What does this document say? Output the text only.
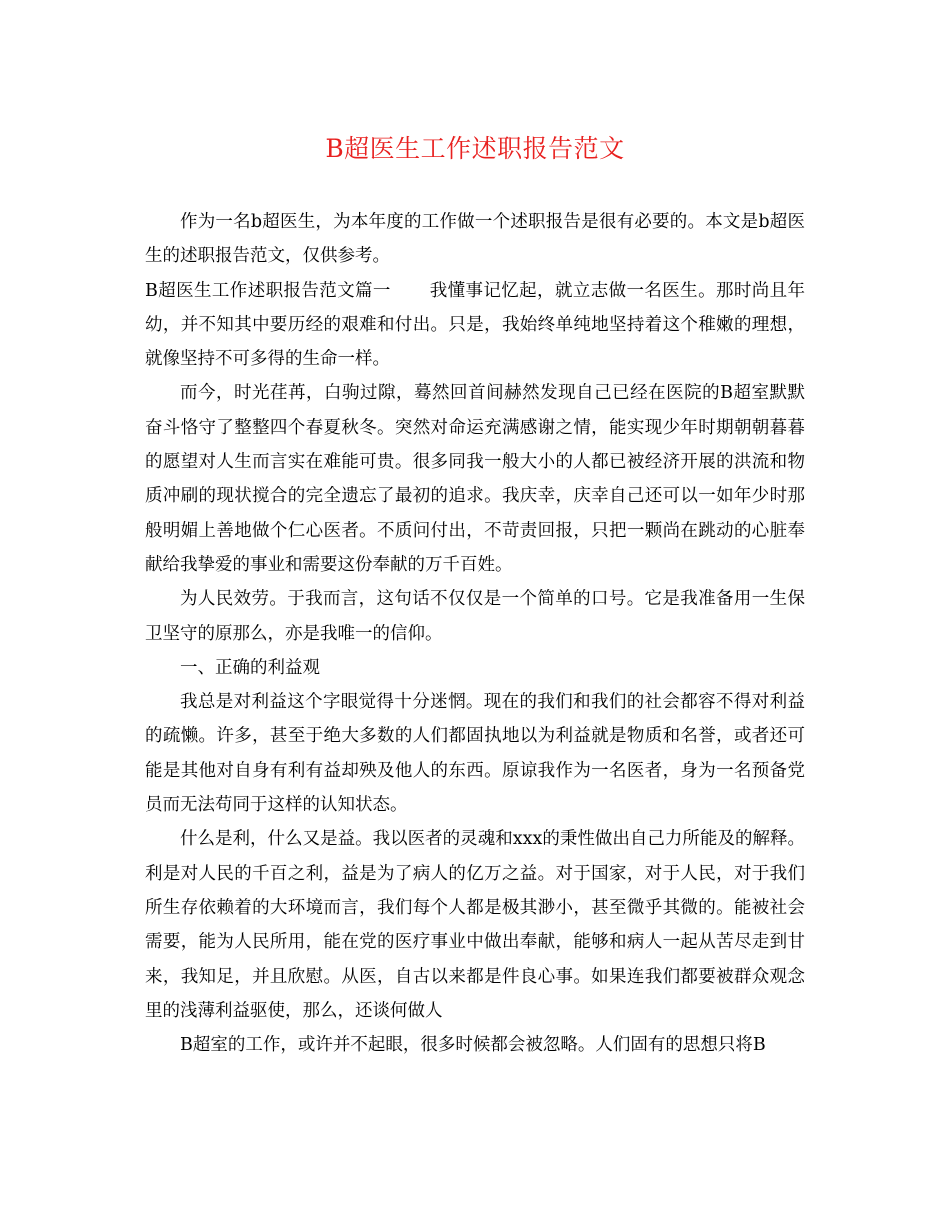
B超医生工作述职报告范文

作为一名b超医生，为本年度的工作做一个述职报告是很有必要的。本文是b超医生的述职报告范文，仅供参考。

B超医生工作述职报告范文篇一 我懂事记忆起，就立志做一名医生。那时尚且年幼，并不知其中要历经的艰难和付出。只是，我始终单纯地坚持着这个稚嫩的理想，就像坚持不可多得的生命一样。

而今，时光荏苒，白驹过隙，蓦然回首间赫然发现自己已经在医院的B超室默默奋斗恪守了整整四个春夏秋冬。突然对命运充满感谢之情，能实现少年时期朝朝暮暮的愿望对人生而言实在难能可贵。很多同我一般大小的人都已被经济开展的洪流和物质冲刷的现状搅合的完全遗忘了最初的追求。我庆幸，庆幸自己还可以一如年少时那般明媚上善地做个仁心医者。不质问付出，不苛责回报，只把一颗尚在跳动的心脏奉献给我挚爱的事业和需要这份奉献的万千百姓。

为人民效劳。于我而言，这句话不仅仅是一个简单的口号。它是我准备用一生保卫坚守的原那么，亦是我唯一的信仰。

一、正确的利益观

我总是对利益这个字眼觉得十分迷惘。现在的我们和我们的社会都容不得对利益的疏懒。许多，甚至于绝大多数的人们都固执地以为利益就是物质和名誉，或者还可能是其他对自身有利有益却殃及他人的东西。原谅我作为一名医者，身为一名预备党员而无法苟同于这样的认知状态。

什么是利，什么又是益。我以医者的灵魂和xxx的秉性做出自己力所能及的解释。利是对人民的千百之利，益是为了病人的亿万之益。对于国家，对于人民，对于我们所生存依赖着的大环境而言，我们每个人都是极其渺小，甚至微乎其微的。能被社会需要，能为人民所用，能在党的医疗事业中做出奉献，能够和病人一起从苦尽走到甘来，我知足，并且欣慰。从医，自古以来都是件良心事。如果连我们都要被群众观念里的浅薄利益驱使，那么，还谈何做人

B超室的工作，或许并不起眼，很多时候都会被忽略。人们固有的思想只将B
